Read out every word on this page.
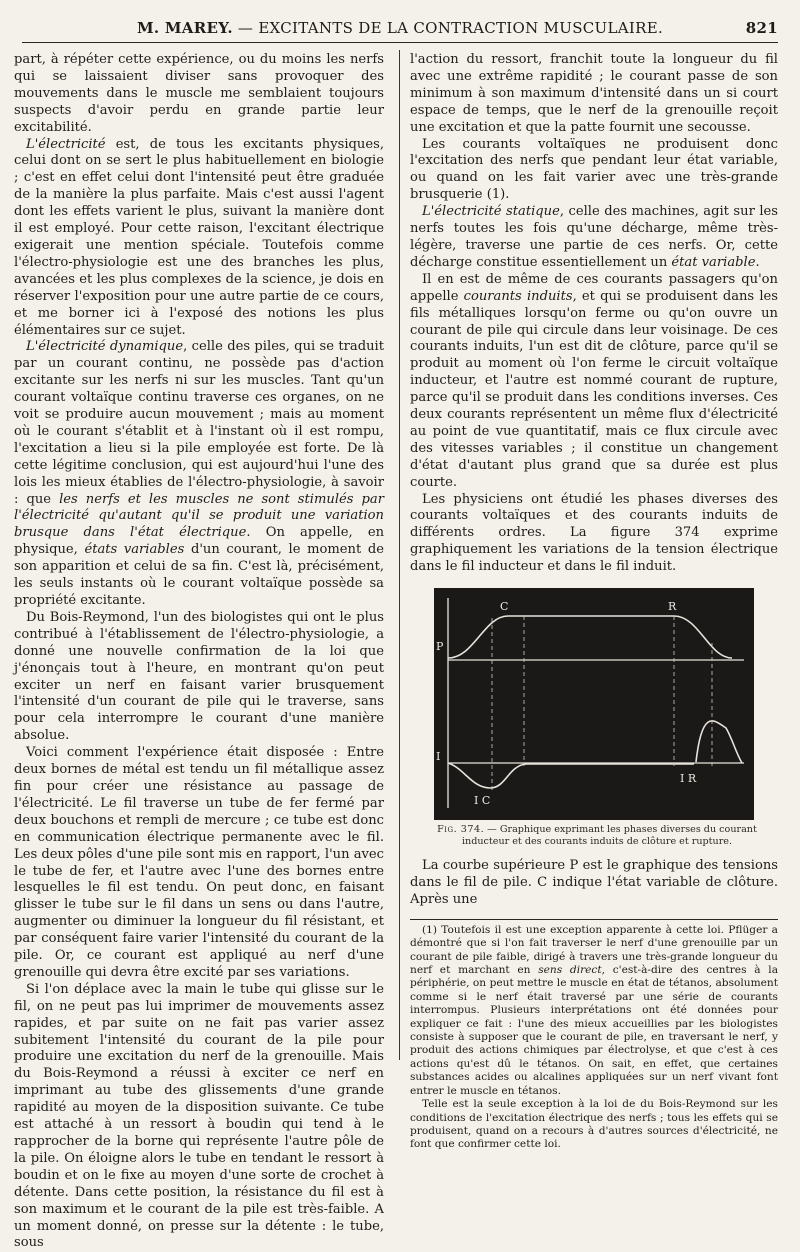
M. MAREY. — EXCITANTS DE LA CONTRACTION MUSCULAIRE.	821

part, à répéter cette expérience, ou du moins les nerfs qui se laissaient diviser sans provoquer des mouvements dans le muscle me semblaient toujours suspects d'avoir perdu en grande partie leur excitabilité.

L'électricité est, de tous les excitants physiques, celui dont on se sert le plus habituellement en biologie ; c'est en effet celui dont l'intensité peut être graduée de la manière la plus parfaite. Mais c'est aussi l'agent dont les effets varient le plus, suivant la manière dont il est employé. Pour cette raison, l'excitant électrique exigerait une mention spéciale. Toutefois comme l'électro-physiologie est une des branches les plus, avancées et les plus complexes de la science, je dois en réserver l'exposition pour une autre partie de ce cours, et me borner ici à l'exposé des notions les plus élémentaires sur ce sujet.

L'électricité dynamique, celle des piles, qui se traduit par un courant continu, ne possède pas d'action excitante sur les nerfs ni sur les muscles. Tant qu'un courant voltaïque continu traverse ces organes, on ne voit se produire aucun mouvement ; mais au moment où le courant s'établit et à l'instant où il est rompu, l'excitation a lieu si la pile employée est forte. De là cette légitime conclusion, qui est aujourd'hui l'une des lois les mieux établies de l'électro-physiologie, à savoir : que les nerfs et les muscles ne sont stimulés par l'électricité qu'autant qu'il se produit une variation brusque dans l'état électrique. On appelle, en physique, états variables d'un courant, le moment de son apparition et celui de sa fin. C'est là, précisément, les seuls instants où le courant voltaïque possède sa propriété excitante.

Du Bois-Reymond, l'un des biologistes qui ont le plus contribué à l'établissement de l'électro-physiologie, a donné une nouvelle confirmation de la loi que j'énonçais tout à l'heure, en montrant qu'on peut exciter un nerf en faisant varier brusquement l'intensité d'un courant de pile qui le traverse, sans pour cela interrompre le courant d'une manière absolue.

Voici comment l'expérience était disposée : Entre deux bornes de métal est tendu un fil métallique assez fin pour créer une résistance au passage de l'électricité. Le fil traverse un tube de fer fermé par deux bouchons et rempli de mercure ; ce tube est donc en communication électrique permanente avec le fil. Les deux pôles d'une pile sont mis en rapport, l'un avec le tube de fer, et l'autre avec l'une des bornes entre lesquelles le fil est tendu. On peut donc, en faisant glisser le tube sur le fil dans un sens ou dans l'autre, augmenter ou diminuer la longueur du fil résistant, et par conséquent faire varier l'intensité du courant de la pile. Or, ce courant est appliqué au nerf d'une grenouille qui devra être excité par ses variations.

Si l'on déplace avec la main le tube qui glisse sur le fil, on ne peut pas lui imprimer de mouvements assez rapides, et par suite on ne fait pas varier assez subitement l'intensité du courant de la pile pour produire une excitation du nerf de la grenouille. Mais du Bois-Reymond a réussi à exciter ce nerf en imprimant au tube des glissements d'une grande rapidité au moyen de la disposition suivante. Ce tube est attaché à un ressort à boudin qui tend à le rapprocher de la borne qui représente l'autre pôle de la pile. On éloigne alors le tube en tendant le ressort à boudin et on le fixe au moyen d'une sorte de crochet à détente. Dans cette position, la résistance du fil est à son maximum et le courant de la pile est très-faible. A un moment donné, on presse sur la détente : le tube, sous

l'action du ressort, franchit toute la longueur du fil avec une extrême rapidité ; le courant passe de son minimum à son maximum d'intensité dans un si court espace de temps, que le nerf de la grenouille reçoit une excitation et que la patte fournit une secousse.

Les courants voltaïques ne produisent donc l'excitation des nerfs que pendant leur état variable, ou quand on les fait varier avec une très-grande brusquerie (1).

L'électricité statique, celle des machines, agit sur les nerfs toutes les fois qu'une décharge, même très-légère, traverse une partie de ces nerfs. Or, cette décharge constitue essentiellement un état variable.

Il en est de même de ces courants passagers qu'on appelle courants induits, et qui se produisent dans les fils métalliques lorsqu'on ferme ou qu'on ouvre un courant de pile qui circule dans leur voisinage. De ces courants induits, l'un est dit de clôture, parce qu'il se produit au moment où l'on ferme le circuit voltaïque inducteur, et l'autre est nommé courant de rupture, parce qu'il se produit dans les conditions inverses. Ces deux courants représentent un même flux d'électricité au point de vue quantitatif, mais ce flux circule avec des vitesses variables ; il constitue un changement d'état d'autant plus grand que sa durée est plus courte.

Les physiciens ont étudié les phases diverses des courants voltaïques et des courants induits de différents ordres. La figure 374 exprime graphiquement les variations de la tension électrique dans le fil inducteur et dans le fil induit.

C	R
P
I
I C
I R
Fig. 374. — Graphique exprimant les phases diverses du courant inducteur et des courants induits de clôture et rupture.

La courbe supérieure P est le graphique des tensions dans le fil de pile. C indique l'état variable de clôture. Après une

(1) Toutefois il est une exception apparente à cette loi. Pflüger a démontré que si l'on fait traverser le nerf d'une grenouille par un courant de pile faible, dirigé à travers une très-grande longueur du nerf et marchant en sens direct, c'est-à-dire des centres à la périphérie, on peut mettre le muscle en état de tétanos, absolument comme si le nerf était traversé par une série de courants interrompus. Plusieurs interprétations ont été données pour expliquer ce fait : l'une des mieux accueillies par les biologistes consiste à supposer que le courant de pile, en traversant le nerf, y produit des actions chimiques par électrolyse, et que c'est à ces actions qu'est dû le tétanos. On sait, en effet, que certaines substances acides ou alcalines appliquées sur un nerf vivant font entrer le muscle en tétanos.

Telle est la seule exception à la loi de du Bois-Reymond sur les conditions de l'excitation électrique des nerfs ; tous les effets qui se produisent, quand on a recours à d'autres sources d'électricité, ne font que confirmer cette loi.
